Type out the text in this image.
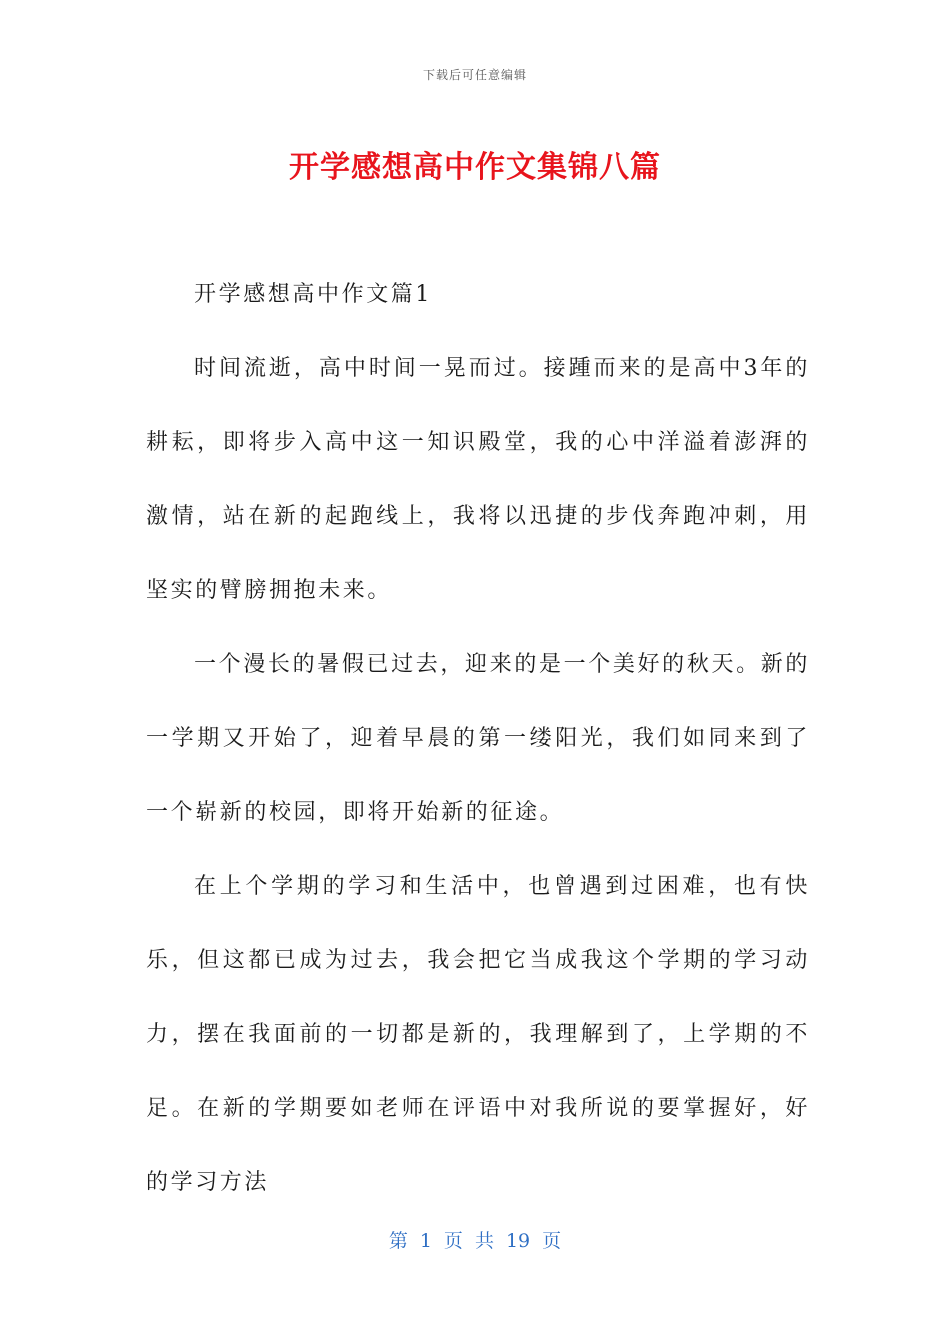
下载后可任意编辑
开学感想高中作文集锦八篇

开学感想高中作文篇1

时间流逝，高中时间一晃而过。接踵而来的是高中3年的耕耘，即将步入高中这一知识殿堂，我的心中洋溢着澎湃的激情，站在新的起跑线上，我将以迅捷的步伐奔跑冲刺，用坚实的臂膀拥抱未来。

一个漫长的暑假已过去，迎来的是一个美好的秋天。新的一学期又开始了，迎着早晨的第一缕阳光，我们如同来到了一个崭新的校园，即将开始新的征途。

在上个学期的学习和生活中，也曾遇到过困难，也有快乐，但这都已成为过去，我会把它当成我这个学期的学习动力，摆在我面前的一切都是新的，我理解到了，上学期的不足。在新的学期要如老师在评语中对我所说的要掌握好，好的学习方法

第 1 页 共 19 页
